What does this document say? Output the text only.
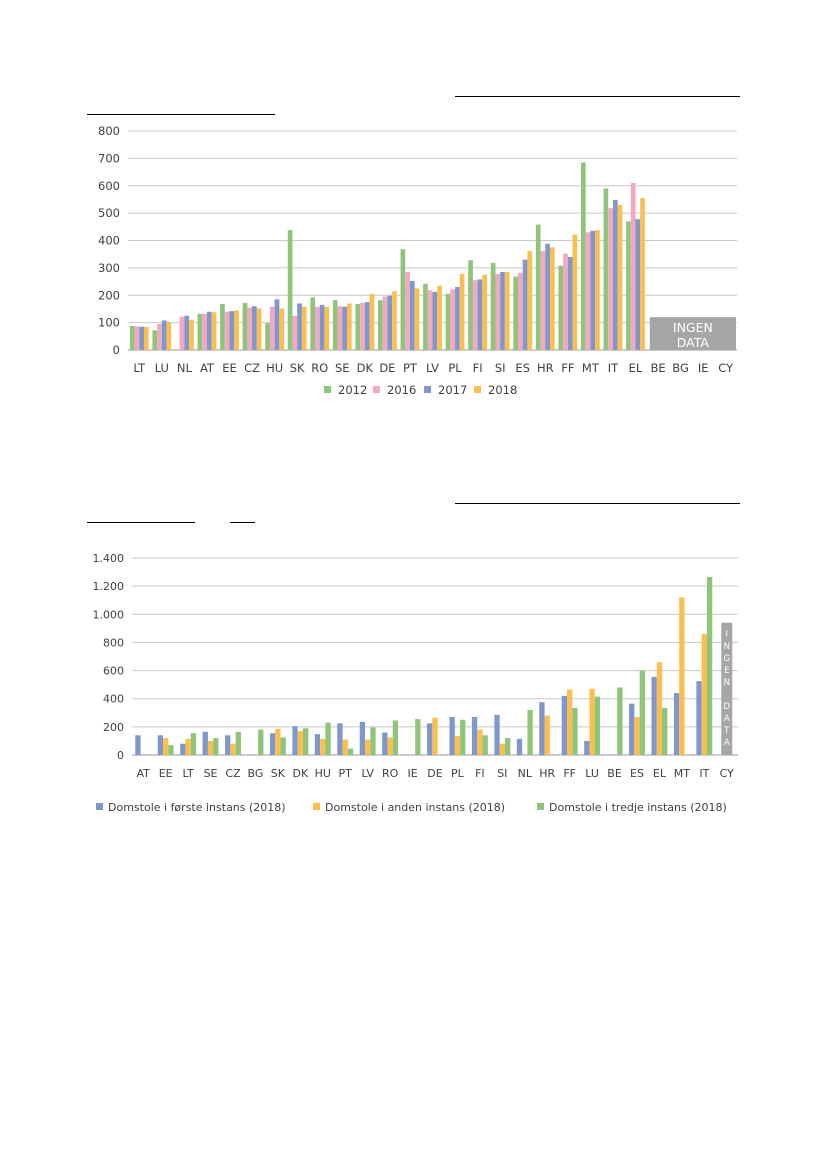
0
100
200
300
400
500
600
700
800
INGEN
DATA
LT LU NL AT EE CZ HU SK RO SE DK DE PT LV PL FI SI ES HR FF MT IT EL BE BG IE CY
2012 2016 2017 2018
0
200
400
600
800
1.000
1.200
1.400
I
N
G
E
N
D
A
T
A
AT EE LT SE CZ BG SK DK HU PT LV RO IE DE PL FI SI NL HR FF LU BE ES EL MT IT CY
Domstole i første instans (2018)	Domstole i anden instans (2018)	Domstole i tredje instans (2018)
